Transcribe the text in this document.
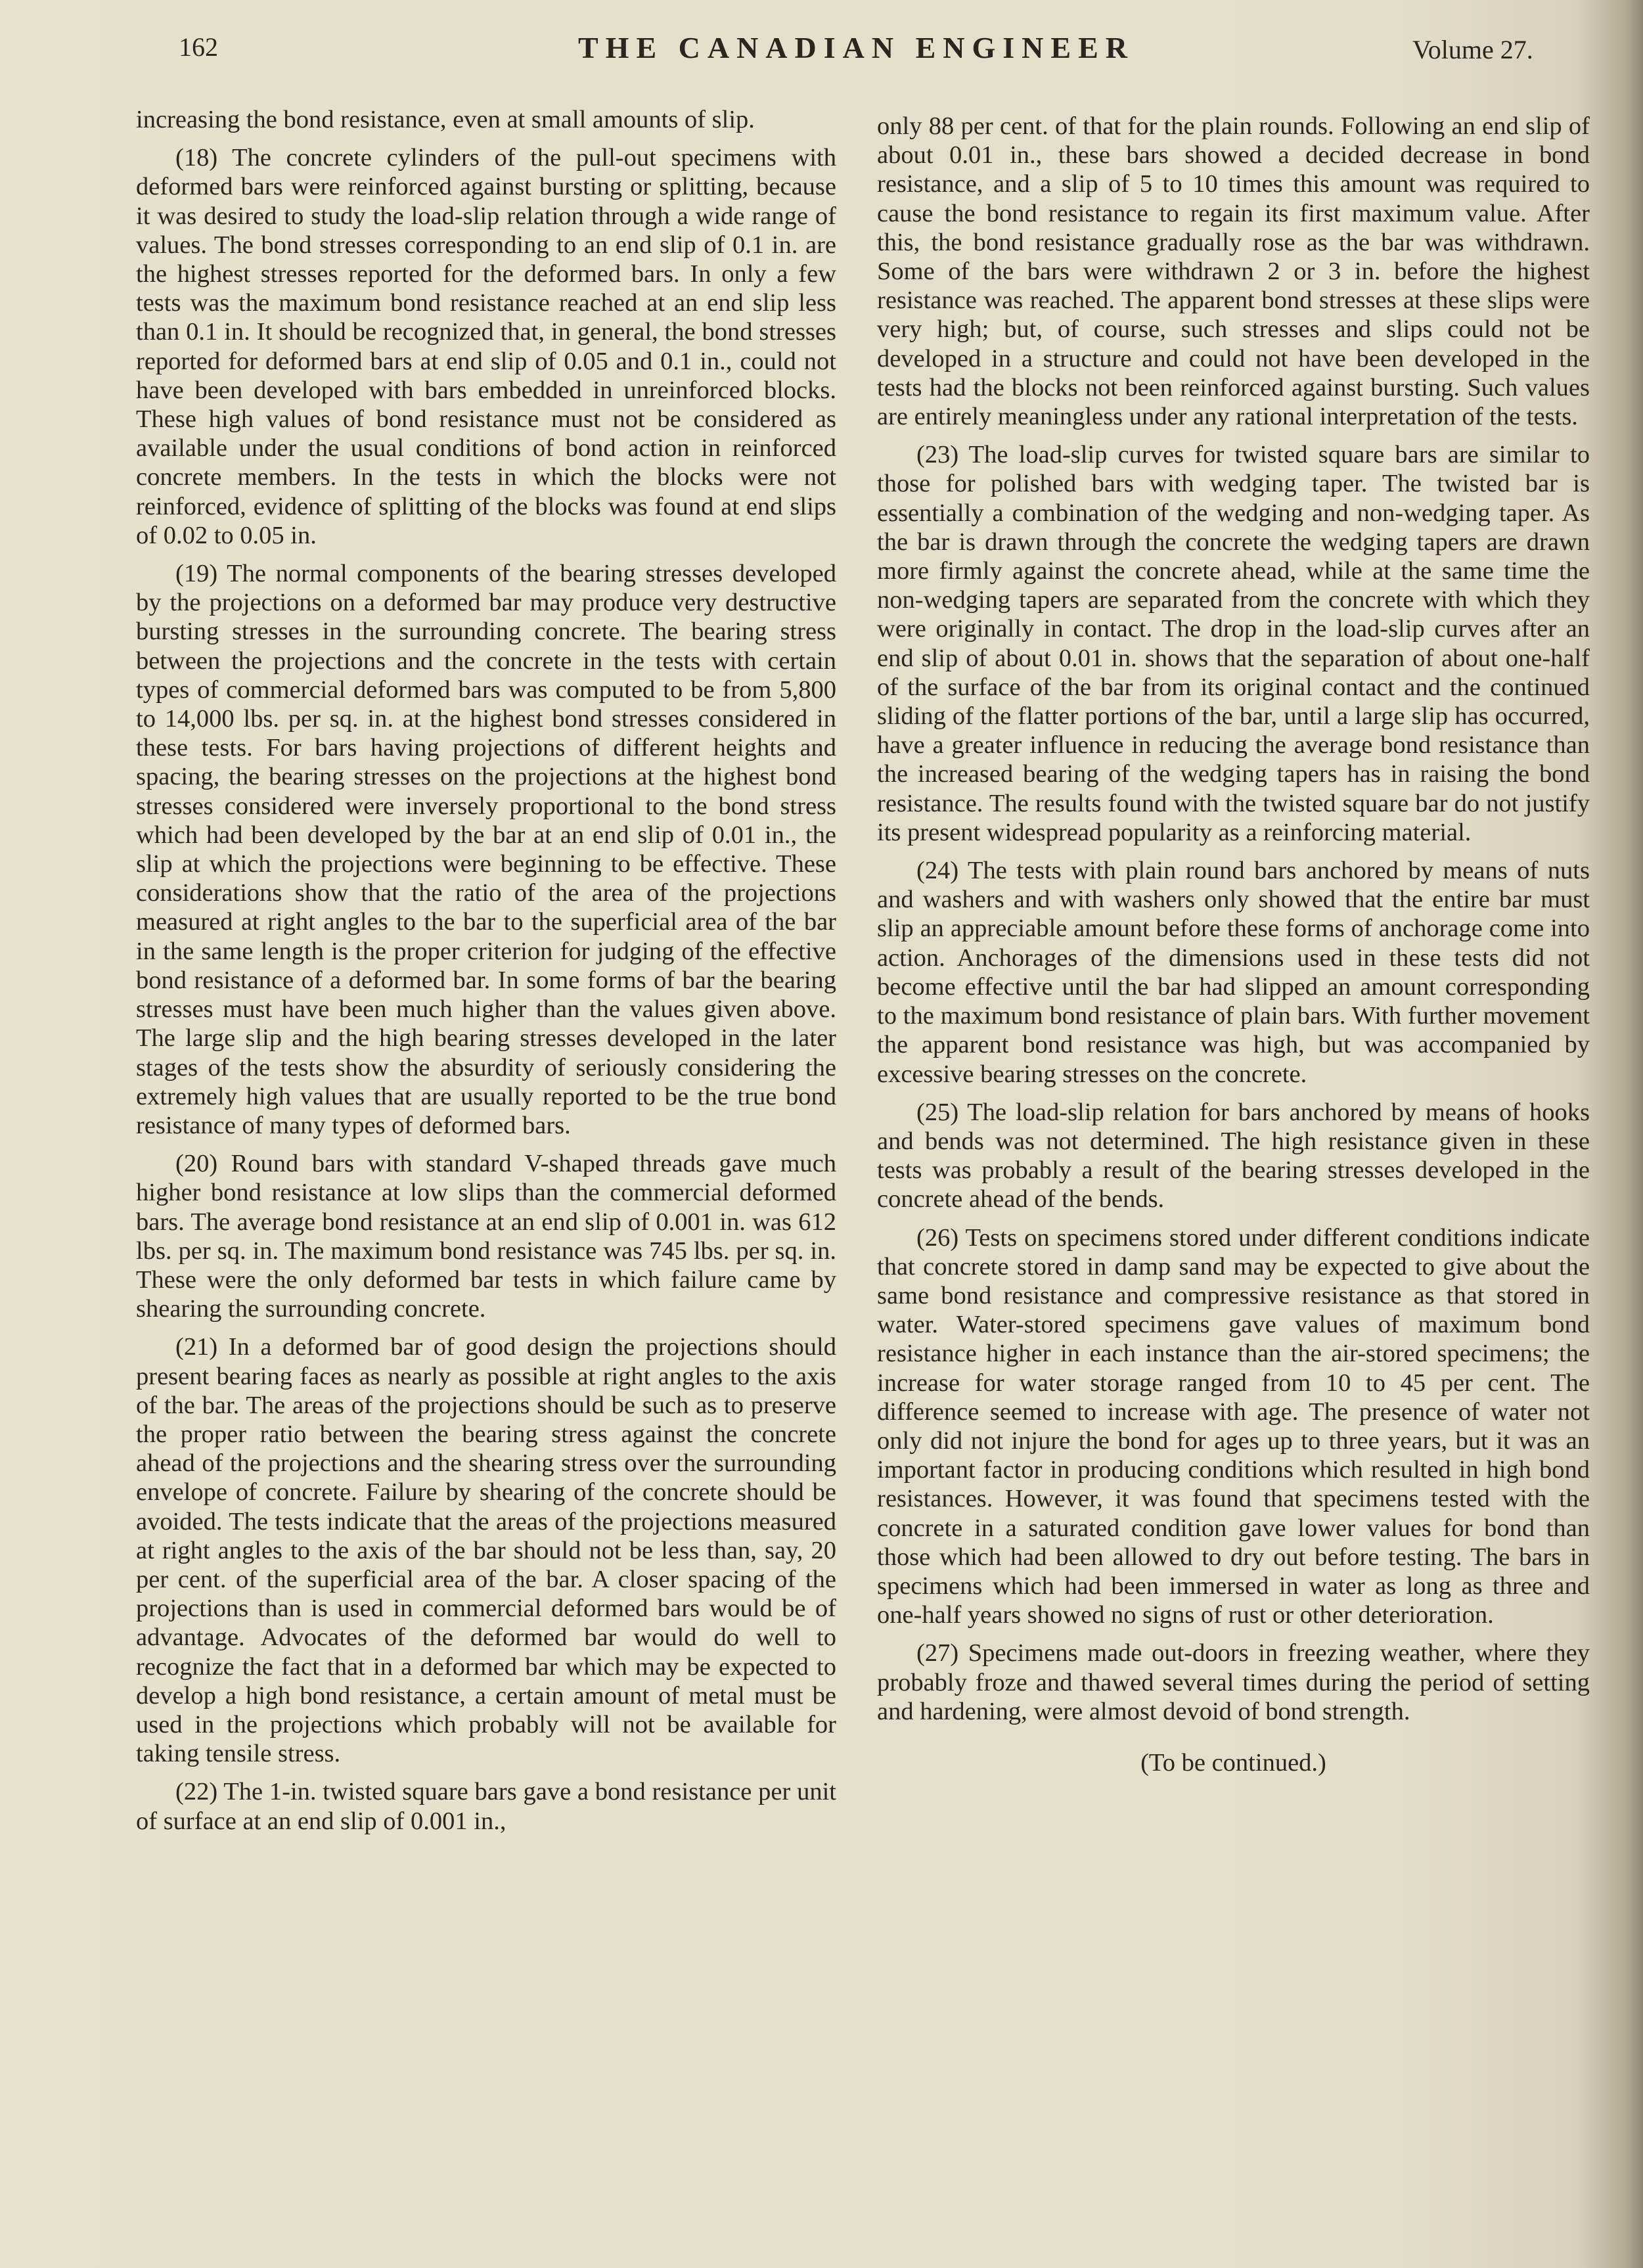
162	THE CANADIAN ENGINEER	Volume 27.

increasing the bond resistance, even at small amounts of slip.

(18) The concrete cylinders of the pull-out specimens with deformed bars were reinforced against bursting or splitting, because it was desired to study the load-slip relation through a wide range of values. The bond stresses corresponding to an end slip of 0.1 in. are the highest stresses reported for the deformed bars. In only a few tests was the maximum bond resistance reached at an end slip less than 0.1 in. It should be recognized that, in general, the bond stresses reported for deformed bars at end slip of 0.05 and 0.1 in., could not have been developed with bars embedded in unreinforced blocks. These high values of bond resistance must not be considered as available under the usual conditions of bond action in reinforced concrete members. In the tests in which the blocks were not reinforced, evidence of splitting of the blocks was found at end slips of 0.02 to 0.05 in.

(19) The normal components of the bearing stresses developed by the projections on a deformed bar may produce very destructive bursting stresses in the surrounding concrete. The bearing stress between the projections and the concrete in the tests with certain types of commercial deformed bars was computed to be from 5,800 to 14,000 lbs. per sq. in. at the highest bond stresses considered in these tests. For bars having projections of different heights and spacing, the bearing stresses on the projections at the highest bond stresses considered were inversely proportional to the bond stress which had been developed by the bar at an end slip of 0.01 in., the slip at which the projections were beginning to be effective. These considerations show that the ratio of the area of the projections measured at right angles to the bar to the superficial area of the bar in the same length is the proper criterion for judging of the effective bond resistance of a deformed bar. In some forms of bar the bearing stresses must have been much higher than the values given above. The large slip and the high bearing stresses developed in the later stages of the tests show the absurdity of seriously considering the extremely high values that are usually reported to be the true bond resistance of many types of deformed bars.

(20) Round bars with standard V-shaped threads gave much higher bond resistance at low slips than the commercial deformed bars. The average bond resistance at an end slip of 0.001 in. was 612 lbs. per sq. in. The maximum bond resistance was 745 lbs. per sq. in. These were the only deformed bar tests in which failure came by shearing the surrounding concrete.

(21) In a deformed bar of good design the projections should present bearing faces as nearly as possible at right angles to the axis of the bar. The areas of the projections should be such as to preserve the proper ratio between the bearing stress against the concrete ahead of the projections and the shearing stress over the surrounding envelope of concrete. Failure by shearing of the concrete should be avoided. The tests indicate that the areas of the projections measured at right angles to the axis of the bar should not be less than, say, 20 per cent. of the superficial area of the bar. A closer spacing of the projections than is used in commercial deformed bars would be of advantage. Advocates of the deformed bar would do well to recognize the fact that in a deformed bar which may be expected to develop a high bond resistance, a certain amount of metal must be used in the projections which probably will not be available for taking tensile stress.

(22) The 1-in. twisted square bars gave a bond resistance per unit of surface at an end slip of 0.001 in.,

only 88 per cent. of that for the plain rounds. Following an end slip of about 0.01 in., these bars showed a decided decrease in bond resistance, and a slip of 5 to 10 times this amount was required to cause the bond resistance to regain its first maximum value. After this, the bond resistance gradually rose as the bar was withdrawn. Some of the bars were withdrawn 2 or 3 in. before the highest resistance was reached. The apparent bond stresses at these slips were very high; but, of course, such stresses and slips could not be developed in a structure and could not have been developed in the tests had the blocks not been reinforced against bursting. Such values are entirely meaningless under any rational interpretation of the tests.

(23) The load-slip curves for twisted square bars are similar to those for polished bars with wedging taper. The twisted bar is essentially a combination of the wedging and non-wedging taper. As the bar is drawn through the concrete the wedging tapers are drawn more firmly against the concrete ahead, while at the same time the non-wedging tapers are separated from the concrete with which they were originally in contact. The drop in the load-slip curves after an end slip of about 0.01 in. shows that the separation of about one-half of the surface of the bar from its original contact and the continued sliding of the flatter portions of the bar, until a large slip has occurred, have a greater influence in reducing the average bond resistance than the increased bearing of the wedging tapers has in raising the bond resistance. The results found with the twisted square bar do not justify its present widespread popularity as a reinforcing material.

(24) The tests with plain round bars anchored by means of nuts and washers and with washers only showed that the entire bar must slip an appreciable amount before these forms of anchorage come into action. Anchorages of the dimensions used in these tests did not become effective until the bar had slipped an amount corresponding to the maximum bond resistance of plain bars. With further movement the apparent bond resistance was high, but was accompanied by excessive bearing stresses on the concrete.

(25) The load-slip relation for bars anchored by means of hooks and bends was not determined. The high resistance given in these tests was probably a result of the bearing stresses developed in the concrete ahead of the bends.

(26) Tests on specimens stored under different conditions indicate that concrete stored in damp sand may be expected to give about the same bond resistance and compressive resistance as that stored in water. Water-stored specimens gave values of maximum bond resistance higher in each instance than the air-stored specimens; the increase for water storage ranged from 10 to 45 per cent. The difference seemed to increase with age. The presence of water not only did not injure the bond for ages up to three years, but it was an important factor in producing conditions which resulted in high bond resistances. However, it was found that specimens tested with the concrete in a saturated condition gave lower values for bond than those which had been allowed to dry out before testing. The bars in specimens which had been immersed in water as long as three and one-half years showed no signs of rust or other deterioration.

(27) Specimens made out-doors in freezing weather, where they probably froze and thawed several times during the period of setting and hardening, were almost devoid of bond strength.

(To be continued.)
